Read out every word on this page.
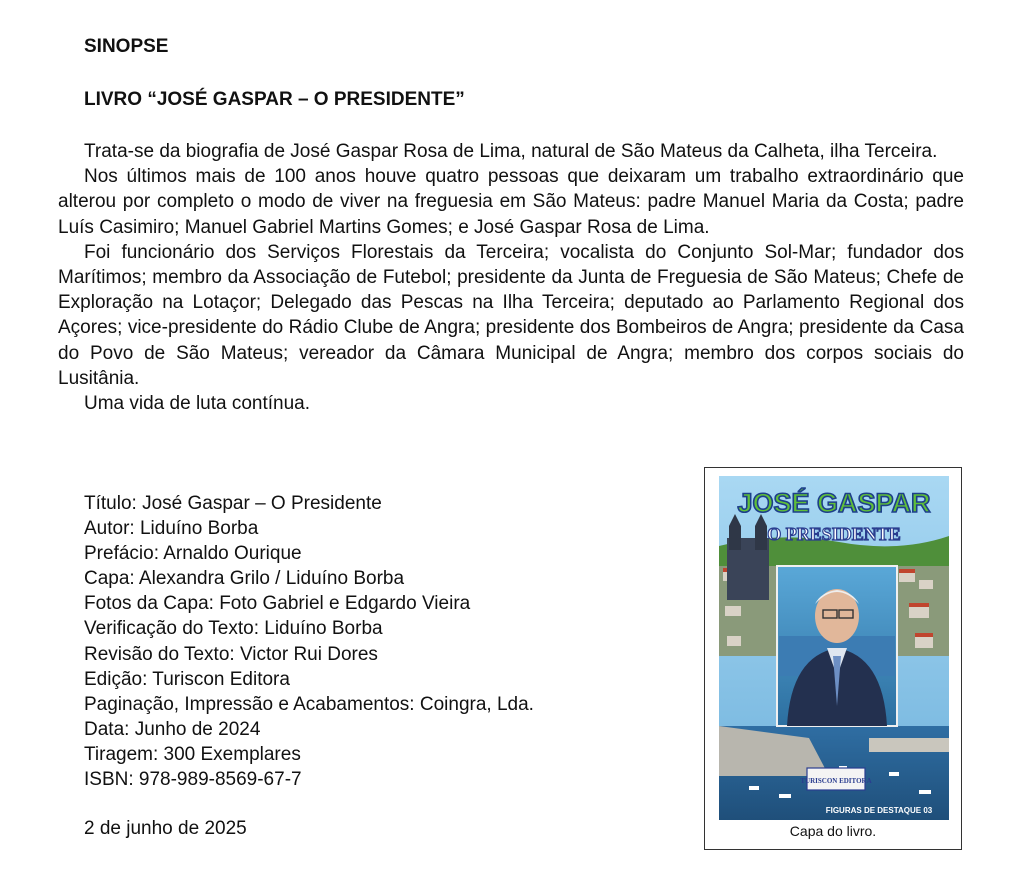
SINOPSE
LIVRO “JOSÉ GASPAR – O PRESIDENTE”

Trata-se da biografia de José Gaspar Rosa de Lima, natural de São Mateus da Calheta, ilha Terceira.

Nos últimos mais de 100 anos houve quatro pessoas que deixaram um trabalho extraordinário que alterou por completo o modo de viver na freguesia em São Mateus: padre Manuel Maria da Costa; padre Luís Casimiro; Manuel Gabriel Martins Gomes; e José Gaspar Rosa de Lima.

Foi funcionário dos Serviços Florestais da Terceira; vocalista do Conjunto Sol-Mar; fundador dos Marítimos; membro da Associação de Futebol; presidente da Junta de Freguesia de São Mateus; Chefe de Exploração na Lotaçor; Delegado das Pescas na Ilha Terceira; deputado ao Parlamento Regional dos Açores; vice-presidente do Rádio Clube de Angra; presidente dos Bombeiros de Angra; presidente da Casa do Povo de São Mateus; vereador da Câmara Municipal de Angra; membro dos corpos sociais do Lusitânia.

Uma vida de luta contínua.

Título: José Gaspar – O Presidente
Autor: Liduíno Borba
Prefácio: Arnaldo Ourique
Capa: Alexandra Grilo / Liduíno Borba
Fotos da Capa: Foto Gabriel e Edgardo Vieira
Verificação do Texto: Liduíno Borba
Revisão do Texto: Victor Rui Dores
Edição: Turiscon Editora
Paginação, Impressão e Acabamentos: Coingra, Lda.
Data: Junho de 2024
Tiragem: 300 Exemplares
ISBN: 978-989-8569-67-7
2 de junho de 2025
JOSÉ GASPAR
O PRESIDENTE
TURISCON EDITORA
FIGURAS DE DESTAQUE 03
Capa do livro.
